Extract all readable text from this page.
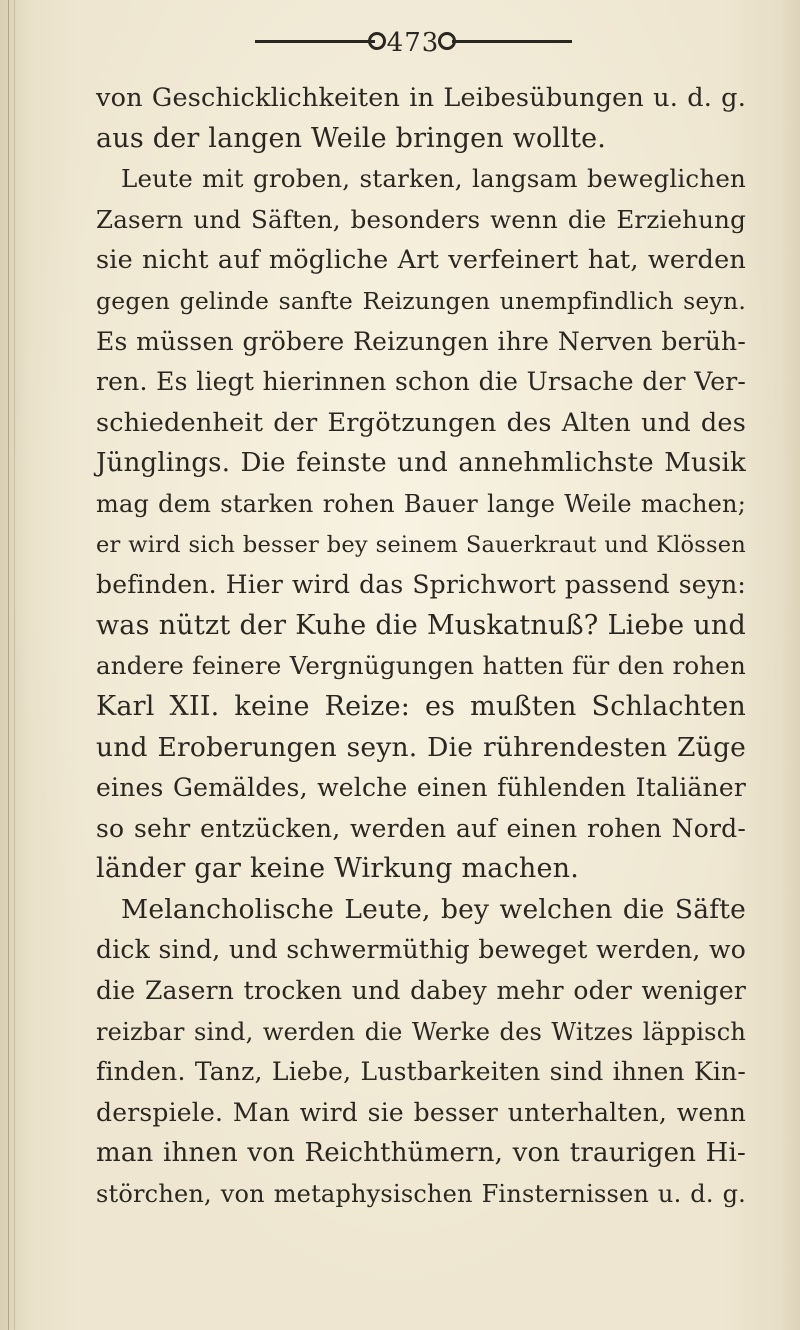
473
von Geschicklichkeiten in Leibesübungen u. d. g.
aus der langen Weile bringen wollte.
Leute mit groben, starken, langsam beweglichen
Zasern und Säften, besonders wenn die Erziehung
sie nicht auf mögliche Art verfeinert hat, werden
gegen gelinde sanfte Reizungen unempfindlich seyn.
Es müssen gröbere Reizungen ihre Nerven berüh-
ren. Es liegt hierinnen schon die Ursache der Ver-
schiedenheit der Ergötzungen des Alten und des
Jünglings. Die feinste und annehmlichste Musik
mag dem starken rohen Bauer lange Weile machen;
er wird sich besser bey seinem Sauerkraut und Klössen
befinden. Hier wird das Sprichwort passend seyn:
was nützt der Kuhe die Muskatnuß? Liebe und
andere feinere Vergnügungen hatten für den rohen
Karl XII. keine Reize: es mußten Schlachten
und Eroberungen seyn. Die rührendesten Züge
eines Gemäldes, welche einen fühlenden Italiäner
so sehr entzücken, werden auf einen rohen Nord-
länder gar keine Wirkung machen.
Melancholische Leute, bey welchen die Säfte
dick sind, und schwermüthig beweget werden, wo
die Zasern trocken und dabey mehr oder weniger
reizbar sind, werden die Werke des Witzes läppisch
finden. Tanz, Liebe, Lustbarkeiten sind ihnen Kin-
derspiele. Man wird sie besser unterhalten, wenn
man ihnen von Reichthümern, von traurigen Hi-
störchen, von metaphysischen Finsternissen u. d. g.
